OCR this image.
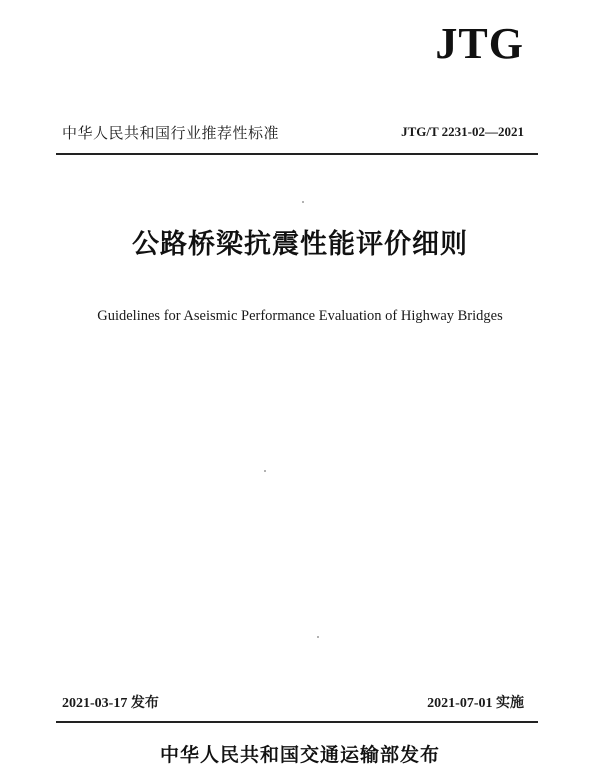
JTG
中华人民共和国行业推荐性标准	JTG/T 2231-02—2021
公路桥梁抗震性能评价细则
Guidelines for Aseismic Performance Evaluation of Highway Bridges
2021-03-17 发布	2021-07-01 实施
中华人民共和国交通运输部发布
